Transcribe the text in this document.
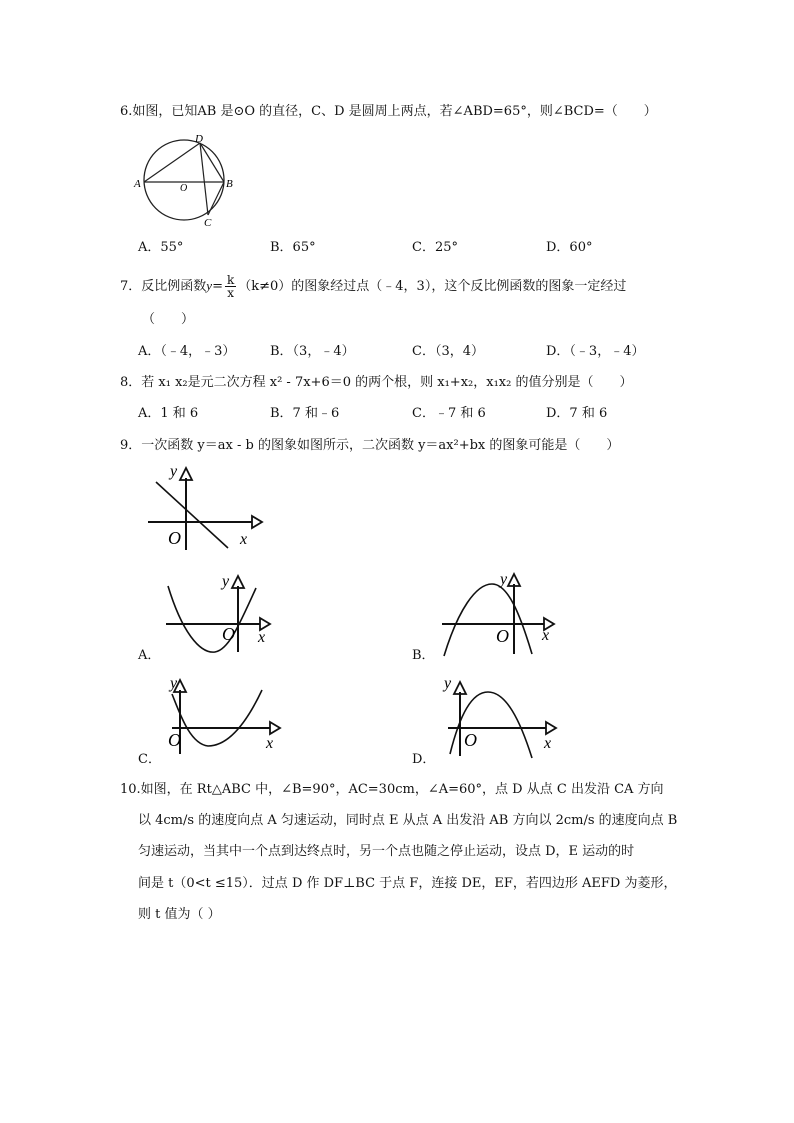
6.如图，已知AB 是⊙O 的直径，C、D 是圆周上两点，若∠ABD=65°，则∠BCD=（　　）
D
A	O	B
C
A．55°	B．65°	C．25°	D．60°
7．反比例函数$y= \frac{k}{x} (k\ne 0)$的图象经过点（﹣4，3），这个反比例函数的图象一定经过
（　　）
A．（﹣4，﹣3）	B．（3，﹣4）	C．（3，4）	D．（﹣3，﹣4）
8．若 x₁ x₂是元二次方程 x² - 7x+6＝0 的两个根，则 x₁+x₂，x₁x₂ 的值分别是（　　）
A．1 和 6	B．7 和﹣6	C．﹣7 和 6	D．7 和 6
9．一次函数 y＝ax - b 的图象如图所示，二次函数 y＝ax²+bx 的图象可能是（　　）
y
x
O
A．
y
x
O
B．
y
x
O
C．
y
x
O
D．
y
x
O
10.如图，在 Rt△ABC 中，∠B=90°，AC=30cm，∠A=60°，点 D 从点 C 出发沿 CA 方向
以 4cm/s 的速度向点 A 匀速运动，同时点 E 从点 A 出发沿 AB 方向以 2cm/s 的速度向点 B
匀速运动，当其中一个点到达终点时，另一个点也随之停止运动，设点 D，E 运动的时
间是 t（0<t ≤15）．过点 D 作 DF⊥BC 于点 F，连接 DE，EF，若四边形 AEFD 为菱形，
则 t 值为（ ）
